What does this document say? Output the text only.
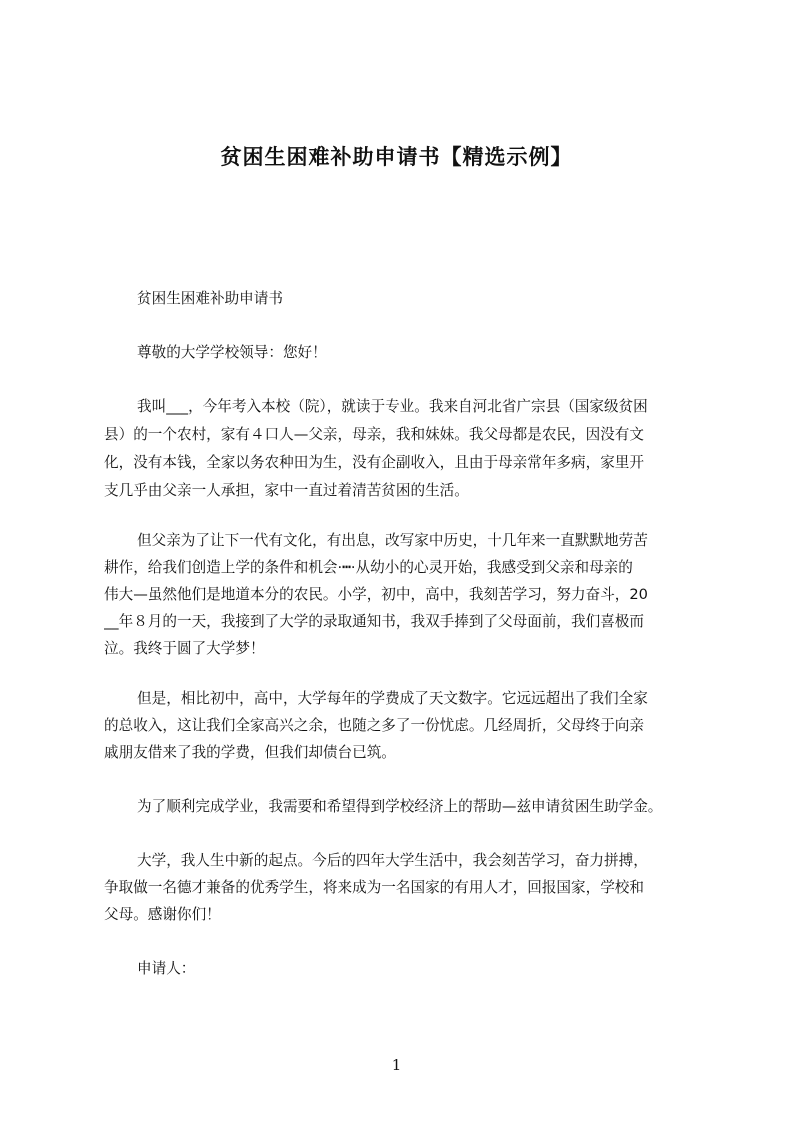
贫困生困难补助申请书【精选示例】
贫困生困难补助申请书
尊敬的大学学校领导：您好！
我叫___，今年考入本校（院），就读于专业。我来自河北省广宗县（国家级贫困
县）的一个农村，家有４口人—父亲，母亲，我和妹妹。我父母都是农民，因没有文
化，没有本钱，全家以务农种田为生，没有企副收入，且由于母亲常年多病，家里开
支几乎由父亲一人承担，家中一直过着清苦贫困的生活。
但父亲为了让下一代有文化，有出息，改写家中历史，十几年来一直默默地劳苦
耕作，给我们创造上学的条件和机会·┅·从幼小的心灵开始，我感受到父亲和母亲的
伟大—虽然他们是地道本分的农民。小学，初中，高中，我刻苦学习，努力奋斗，20
__年８月的一天，我接到了大学的录取通知书，我双手捧到了父母面前，我们喜极而
泣。我终于圆了大学梦！
但是，相比初中，高中，大学每年的学费成了天文数字。它远远超出了我们全家
的总收入，这让我们全家高兴之余，也随之多了一份忧虑。几经周折，父母终于向亲
戚朋友借来了我的学费，但我们却债台已筑。
为了顺利完成学业，我需要和希望得到学校经济上的帮助—兹申请贫困生助学金。
大学，我人生中新的起点。今后的四年大学生活中，我会刻苦学习，奋力拼搏，
争取做一名德才兼备的优秀学生，将来成为一名国家的有用人才，回报国家，学校和
父母。感谢你们！
申请人：
1
